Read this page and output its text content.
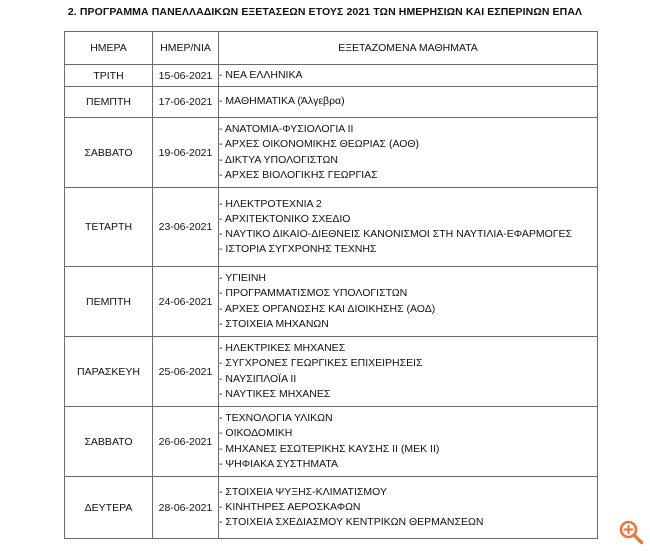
2. ΠΡΟΓΡΑΜΜΑ ΠΑΝΕΛΛΑΔΙΚΩΝ ΕΞΕΤΑΣΕΩΝ ΕΤΟΥΣ 2021 ΤΩΝ ΗΜΕΡΗΣΙΩΝ ΚΑΙ ΕΣΠΕΡΙΝΩΝ ΕΠΑΛ
ΗΜΕΡΑ	ΗΜΕΡ/ΝΙΑ	ΕΞΕΤΑΖΟΜΕΝΑ ΜΑΘΗΜΑΤΑ
ΤΡΙΤΗ	15-06-2021	- ΝΕΑ ΕΛΛΗΝΙΚΑ

ΠΕΜΠΤΗ	17-06-2021	- ΜΑΘΗΜΑΤΙΚΑ (Άλγεβρα)

ΣΑΒΒΑΤΟ	19-06-2021	- ΑΝΑΤΟΜΙΑ-ΦΥΣΙΟΛΟΓΙΑ ΙΙ
- ΑΡΧΕΣ ΟΙΚΟΝΟΜΙΚΗΣ ΘΕΩΡΙΑΣ (ΑΟΘ)
- ΔΙΚΤΥΑ ΥΠΟΛΟΓΙΣΤΩΝ
- ΑΡΧΕΣ ΒΙΟΛΟΓΙΚΗΣ ΓΕΩΡΓΙΑΣ

ΤΕΤΑΡΤΗ	23-06-2021	- ΗΛΕΚΤΡΟΤΕΧΝΙΑ 2
- ΑΡΧΙΤΕΚΤΟΝΙΚΟ ΣΧΕΔΙΟ
- ΝΑΥΤΙΚΟ ΔΙΚΑΙΟ-ΔΙΕΘΝΕΙΣ ΚΑΝΟΝΙΣΜΟΙ ΣΤΗ ΝΑΥΤΙΛΙΑ-ΕΦΑΡΜΟΓΕΣ
- ΙΣΤΟΡΙΑ ΣΥΓΧΡΟΝΗΣ ΤΕΧΝΗΣ

ΠΕΜΠΤΗ	24-06-2021	- ΥΓΙΕΙΝΗ
- ΠΡΟΓΡΑΜΜΑΤΙΣΜΟΣ ΥΠΟΛΟΓΙΣΤΩΝ
- ΑΡΧΕΣ ΟΡΓΑΝΩΣΗΣ ΚΑΙ ΔΙΟΙΚΗΣΗΣ (ΑΟΔ)
- ΣΤΟΙΧΕΙΑ ΜΗΧΑΝΩΝ

ΠΑΡΑΣΚΕΥΗ	25-06-2021	- ΗΛΕΚΤΡΙΚΕΣ ΜΗΧΑΝΕΣ
- ΣΥΓΧΡΟΝΕΣ ΓΕΩΡΓΙΚΕΣ ΕΠΙΧΕΙΡΗΣΕΙΣ
- ΝΑΥΣΙΠΛΟΪΑ ΙΙ
- ΝΑΥΤΙΚΕΣ ΜΗΧΑΝΕΣ

ΣΑΒΒΑΤΟ	26-06-2021	- ΤΕΧΝΟΛΟΓΙΑ ΥΛΙΚΩΝ
- ΟΙΚΟΔΟΜΙΚΗ
- ΜΗΧΑΝΕΣ ΕΣΩΤΕΡΙΚΗΣ ΚΑΥΣΗΣ ΙΙ (ΜΕΚ ΙΙ)
- ΨΗΦΙΑΚΑ ΣΥΣΤΗΜΑΤΑ

ΔΕΥΤΕΡΑ	28-06-2021	- ΣΤΟΙΧΕΙΑ ΨΥΞΗΣ-ΚΛΙΜΑΤΙΣΜΟΥ
- ΚΙΝΗΤΗΡΕΣ ΑΕΡΟΣΚΑΦΩΝ
- ΣΤΟΙΧΕΙΑ ΣΧΕΔΙΑΣΜΟΥ ΚΕΝΤΡΙΚΩΝ ΘΕΡΜΑΝΣΕΩΝ
